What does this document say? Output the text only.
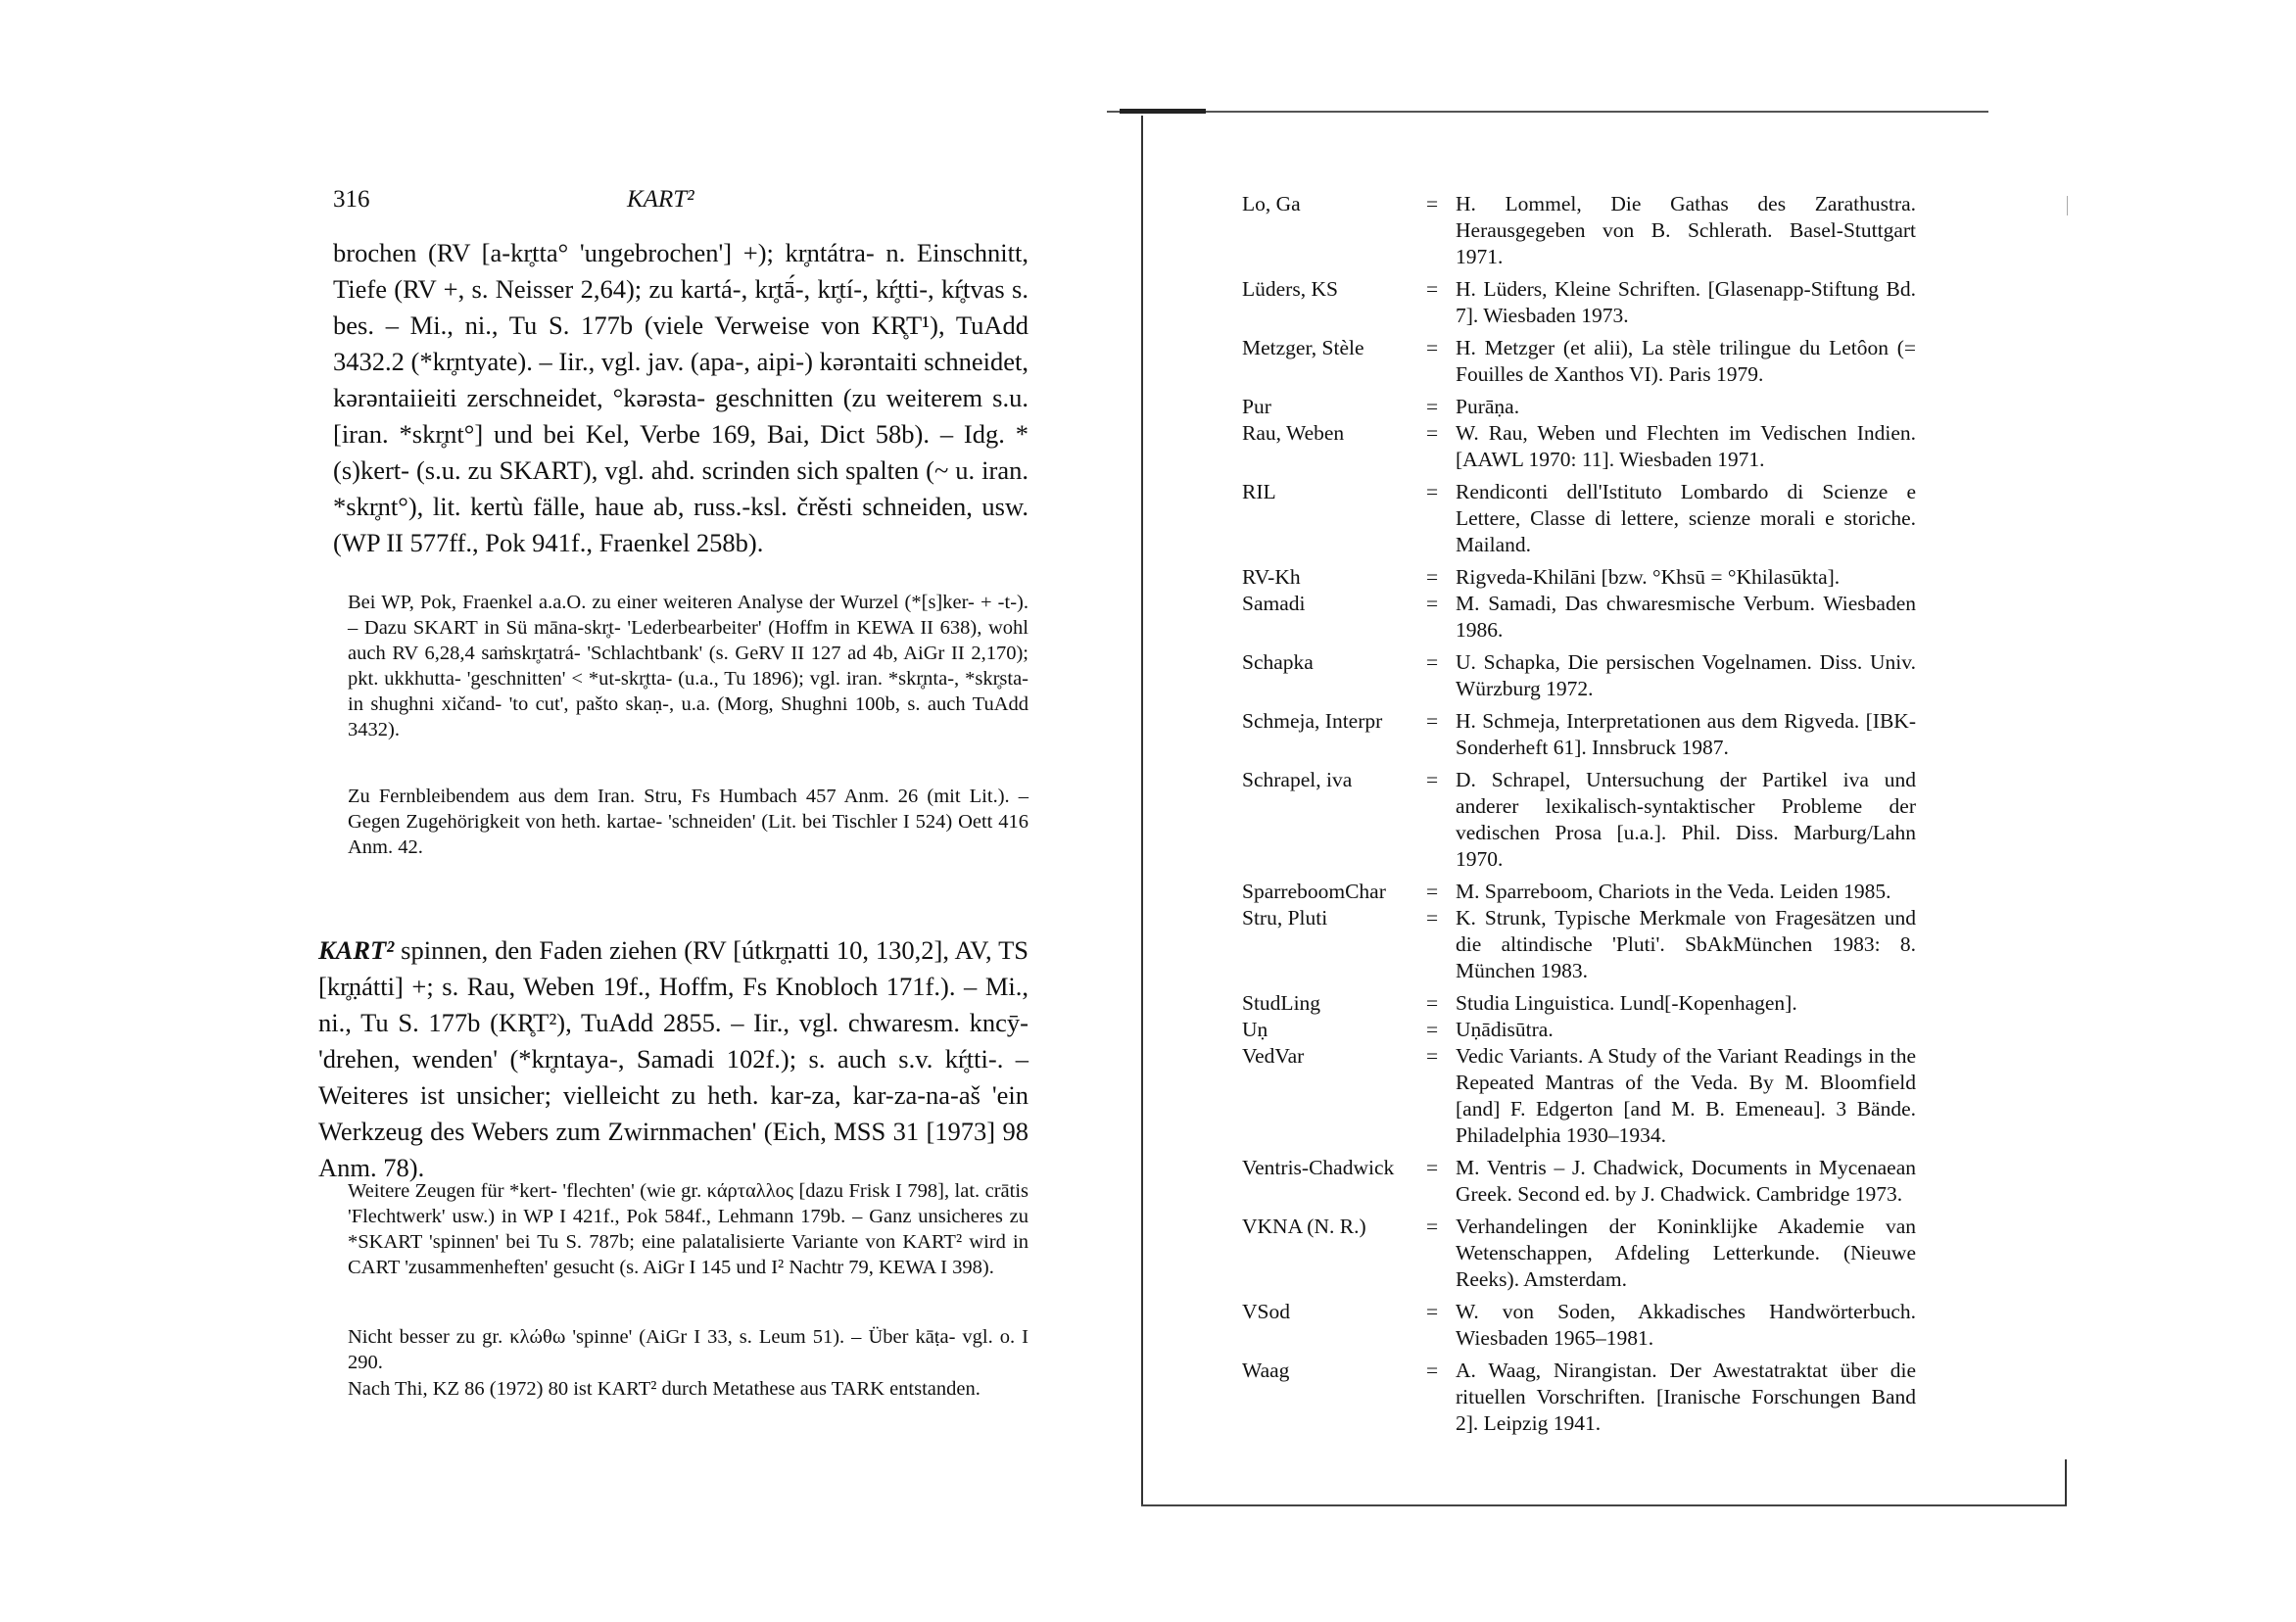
316	KART²

brochen (RV [a-kr̥tta° 'ungebrochen'] +); kr̥ntátra- n. Einschnitt, Tiefe (RV +, s. Neisser 2,64); zu kartá-, kr̥tā́-, kr̥tí-, kŕ̥tti-, kŕ̥tvas s. bes. – Mi., ni., Tu S. 177b (viele Verweise von KR̥T¹), TuAdd 3432.2 (*kr̥ntyate). – Iir., vgl. jav. (apa-, aipi-) kərəntaiti schneidet, kərəntaiieiti zerschneidet, °kərəsta- geschnitten (zu weiterem s.u. [iran. *skr̥nt°] und bei Kel, Verbe 169, Bai, Dict 58b). – Idg. *(s)kert- (s.u. zu SKART), vgl. ahd. scrinden sich spalten (~ u. iran. *skr̥nt°), lit. kertù fälle, haue ab, russ.-ksl. črěsti schneiden, usw. (WP II 577ff., Pok 941f., Fraenkel 258b).

Bei WP, Pok, Fraenkel a.a.O. zu einer weiteren Analyse der Wurzel (*[s]ker- + -t-). – Dazu SKART in Sü māna-skr̥t- 'Lederbearbeiter' (Hoffm in KEWA II 638), wohl auch RV 6,28,4 saṁskr̥tatrá- 'Schlachtbank' (s. GeRV II 127 ad 4b, AiGr II 2,170); pkt. ukkhutta- 'geschnitten' < *ut-skr̥tta- (u.a., Tu 1896); vgl. iran. *skr̥nta-, *skr̥sta- in shughni xičand- 'to cut', pašto skaṇ-, u.a. (Morg, Shughni 100b, s. auch TuAdd 3432).

Zu Fernbleibendem aus dem Iran. Stru, Fs Humbach 457 Anm. 26 (mit Lit.). – Gegen Zugehörigkeit von heth. kartae- 'schneiden' (Lit. bei Tischler I 524) Oett 416 Anm. 42.

KART² spinnen, den Faden ziehen (RV [útkr̥ṇatti 10, 130,2], AV, TS [kr̥ṇátti] +; s. Rau, Weben 19f., Hoffm, Fs Knobloch 171f.). – Mi., ni., Tu S. 177b (KR̥T²), TuAdd 2855. – Iir., vgl. chwaresm. kncȳ- 'drehen, wenden' (*kr̥ntaya-, Samadi 102f.); s. auch s.v. kŕ̥tti-. – Weiteres ist unsicher; vielleicht zu heth. kar-za, kar-za-na-aš 'ein Werkzeug des Webers zum Zwirnmachen' (Eich, MSS 31 [1973] 98 Anm. 78).

Weitere Zeugen für *kert- 'flechten' (wie gr. κάρταλλος [dazu Frisk I 798], lat. crātis 'Flechtwerk' usw.) in WP I 421f., Pok 584f., Lehmann 179b. – Ganz unsicheres zu *SKART 'spinnen' bei Tu S. 787b; eine palatalisierte Variante von KART² wird in CART 'zusammenheften' gesucht (s. AiGr I 145 und I² Nachtr 79, KEWA I 398).

Nicht besser zu gr. κλώθω 'spinne' (AiGr I 33, s. Leum 51). – Über kāṭa- vgl. o. I 290.

Nach Thi, KZ 86 (1972) 80 ist KART² durch Metathese aus TARK entstanden.

Lo, Ga	= H. Lommel, Die Gathas des Zarathustra. Herausgegeben von B. Schlerath. Basel-Stuttgart 1971.
Lüders, KS	= H. Lüders, Kleine Schriften. [Glasenapp-Stiftung Bd. 7]. Wiesbaden 1973.
Metzger, Stèle	= H. Metzger (et alii), La stèle trilingue du Letôon (= Fouilles de Xanthos VI). Paris 1979.
Pur	= Purāṇa.
Rau, Weben	= W. Rau, Weben und Flechten im Vedischen Indien. [AAWL 1970: 11]. Wiesbaden 1971.
RIL	= Rendiconti dell'Istituto Lombardo di Scienze e Lettere, Classe di lettere, scienze morali e storiche. Mailand.
RV-Kh	= Rigveda-Khilāni [bzw. °Khsū = °Khilasūkta].
Samadi	= M. Samadi, Das chwaresmische Verbum. Wiesbaden 1986.
Schapka	= U. Schapka, Die persischen Vogelnamen. Diss. Univ. Würzburg 1972.
Schmeja, Interpr	= H. Schmeja, Interpretationen aus dem Rigveda. [IBK-Sonderheft 61]. Innsbruck 1987.
Schrapel, iva	= D. Schrapel, Untersuchung der Partikel iva und anderer lexikalisch-syntaktischer Probleme der vedischen Prosa [u.a.]. Phil. Diss. Marburg/Lahn 1970.
SparreboomChar	= M. Sparreboom, Chariots in the Veda. Leiden 1985.
Stru, Pluti	= K. Strunk, Typische Merkmale von Fragesätzen und die altindische 'Pluti'. SbAkMünchen 1983: 8. München 1983.
StudLing	= Studia Linguistica. Lund[-Kopenhagen].
Uṇ	= Uṇādisūtra.
VedVar	= Vedic Variants. A Study of the Variant Readings in the Repeated Mantras of the Veda. By M. Bloomfield [and] F. Edgerton [and M. B. Emeneau]. 3 Bände. Philadelphia 1930–1934.
Ventris-Chadwick	= M. Ventris – J. Chadwick, Documents in Mycenaean Greek. Second ed. by J. Chadwick. Cambridge 1973.
VKNA (N. R.)	= Verhandelingen der Koninklijke Akademie van Wetenschappen, Afdeling Letterkunde. (Nieuwe Reeks). Amsterdam.
VSod	= W. von Soden, Akkadisches Handwörterbuch. Wiesbaden 1965–1981.
Waag	= A. Waag, Nirangistan. Der Awestatraktat über die rituellen Vorschriften. [Iranische Forschungen Band 2]. Leipzig 1941.
